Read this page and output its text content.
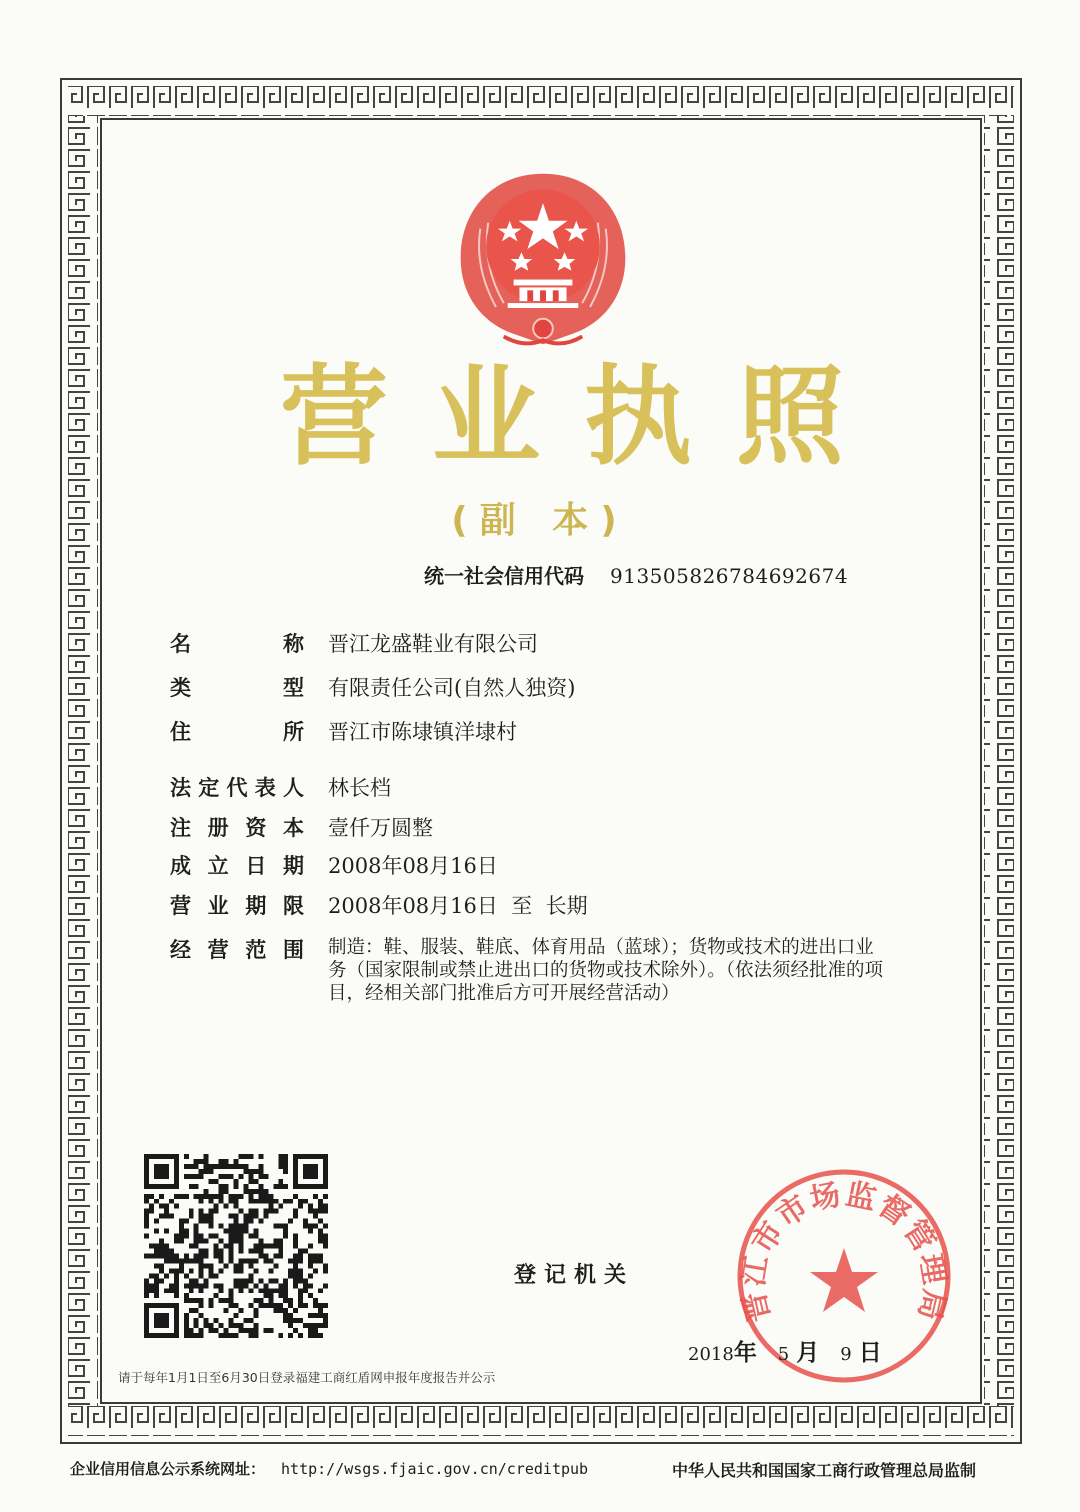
营业执照
(副 本)
统一社会信用代码 91350582678469267​4
名 称 晋江龙盛鞋业有限公司
类 型 有限责任公司(自然人独资)
住 所 晋江市陈埭镇洋埭村
法定代表人 林长档
注册资本 壹仟万圆整
成立日期 2008年08月16日
营业期限 2008年08月16日  至  长期
经营范围 制造：鞋、服装、鞋底、体育用品（蓝球）；货物或技术的进出口业务（国家限制或禁止进出口的货物或技术除外）。（依法须经批准的项目，经相关部门批准后方可开展经营活动）
登记机关
晋江市市场监督管理局
2018年 5 月 9 日
请于每年1月1日至6月30日登录福建工商红盾网申报年度报告并公示
企业信用信息公示系统网址： http://wsgs.fjaic.gov.cn/creditpub	中华人民共和国国家工商行政管理总局监制
